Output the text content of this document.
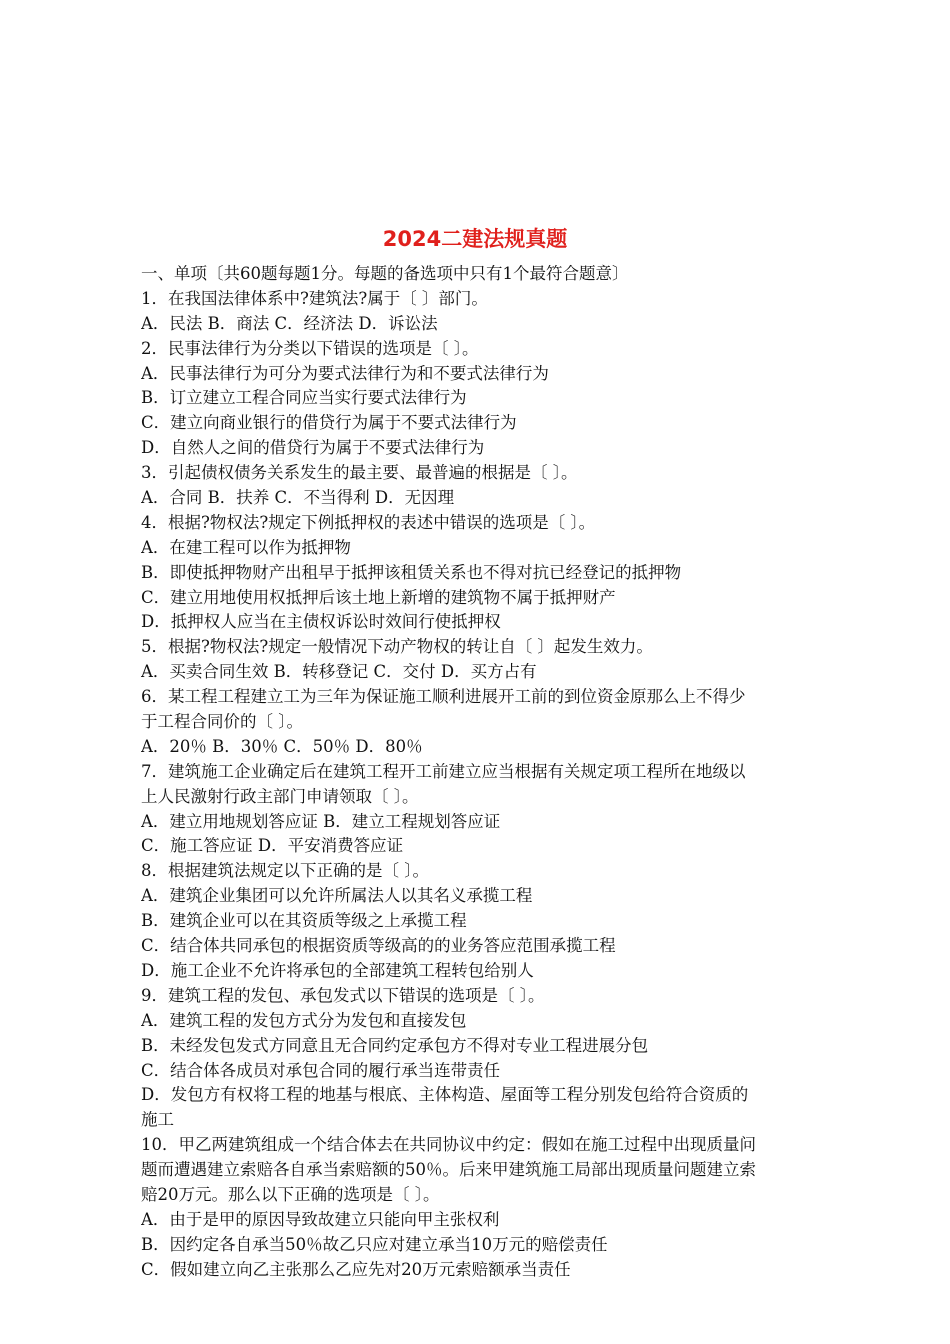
2024二建法规真题
一、单项〔共60题每题1分。每题的备选项中只有1个最符合题意〕
1．在我国法律体系中?建筑法?属于〔 〕部门。
A．民法 B．商法 C．经济法 D．诉讼法
2．民事法律行为分类以下错误的选项是〔 〕。
A．民事法律行为可分为要式法律行为和不要式法律行为
B．订立建立工程合同应当实行要式法律行为
C．建立向商业银行的借贷行为属于不要式法律行为
D．自然人之间的借贷行为属于不要式法律行为
3．引起债权债务关系发生的最主要、最普遍的根据是〔 〕。
A．合同 B．扶养 C．不当得利 D．无因理
4．根据?物权法?规定下例抵押权的表述中错误的选项是〔 〕。
A．在建工程可以作为抵押物
B．即使抵押物财产出租早于抵押该租赁关系也不得对抗已经登记的抵押物
C．建立用地使用权抵押后该土地上新增的建筑物不属于抵押财产
D．抵押权人应当在主债权诉讼时效间行使抵押权
5．根据?物权法?规定一般情况下动产物权的转让自〔 〕起发生效力。
A．买卖合同生效 B．转移登记 C．交付 D．买方占有
6．某工程工程建立工为三年为保证施工顺利进展开工前的到位资金原那么上不得少
于工程合同价的〔 〕。
A．20％ B．30％ C．50％ D．80％
7．建筑施工企业确定后在建筑工程开工前建立应当根据有关规定项工程所在地级以
上人民激射行政主部门申请领取〔 〕。
A．建立用地规划答应证 B．建立工程规划答应证
C．施工答应证 D．平安消费答应证
8．根据建筑法规定以下正确的是〔 〕。
A．建筑企业集团可以允许所属法人以其名义承揽工程
B．建筑企业可以在其资质等级之上承揽工程
C．结合体共同承包的根据资质等级高的的业务答应范围承揽工程
D．施工企业不允许将承包的全部建筑工程转包给别人
9．建筑工程的发包、承包发式以下错误的选项是〔 〕。
A．建筑工程的发包方式分为发包和直接发包
B．未经发包发式方同意且无合同约定承包方不得对专业工程进展分包
C．结合体各成员对承包合同的履行承当连带责任
D．发包方有权将工程的地基与根底、主体构造、屋面等工程分别发包给符合资质的
施工
10．甲乙两建筑组成一个结合体去在共同协议中约定：假如在施工过程中出现质量问
题而遭遇建立索赔各自承当索赔额的50％。后来甲建筑施工局部出现质量问题建立索
赔20万元。那么以下正确的选项是〔 〕。
A．由于是甲的原因导致故建立只能向甲主张权利
B．因约定各自承当50％故乙只应对建立承当10万元的赔偿责任
C．假如建立向乙主张那么乙应先对20万元索赔额承当责任
